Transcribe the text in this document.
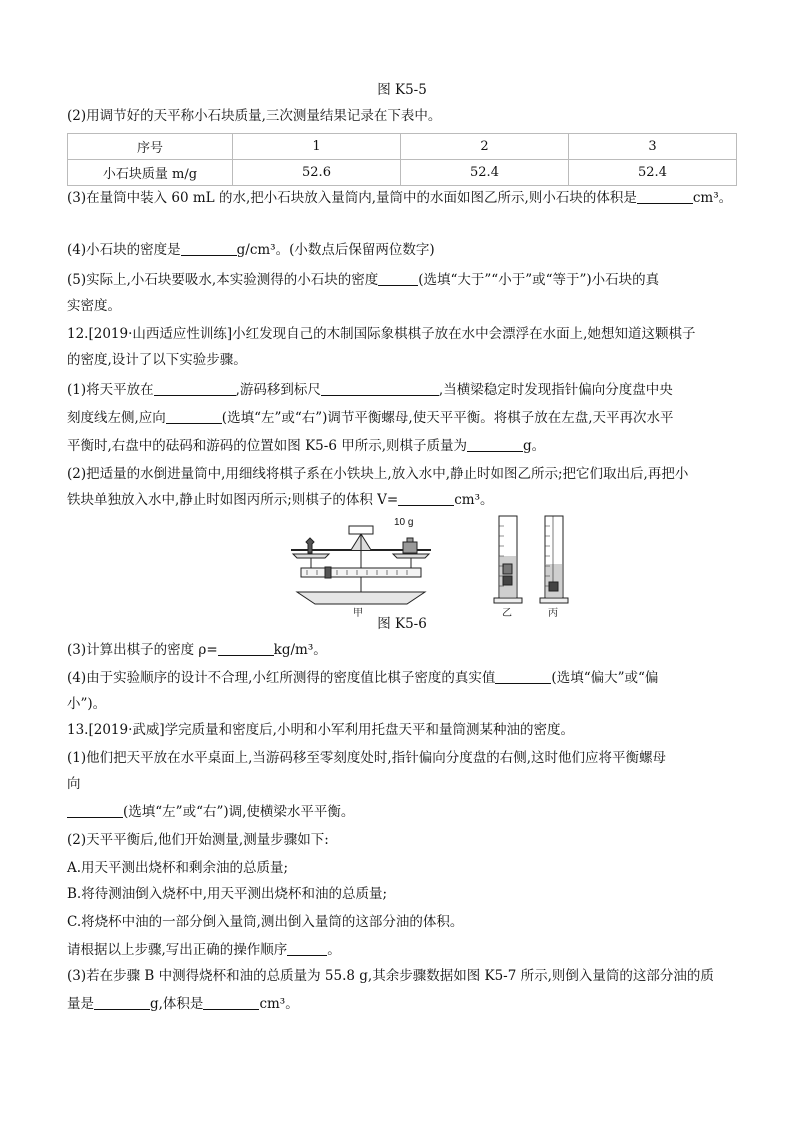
图 K5-5
(2)用调节好的天平称小石块质量,三次测量结果记录在下表中。
序号	1	2	3
小石块质量 m/g	52.6	52.4	52.4
(3)在量筒中装入 60 mL 的水,把小石块放入量筒内,量筒中的水面如图乙所示,则小石块的体积是	cm³。
(4)小石块的密度是	g/cm³。(小数点后保留两位数字)
(5)实际上,小石块要吸水,本实验测得的小石块的密度	(选填“大于”“小于”或“等于”)小石块的真
实密度。
12.[2019·山西适应性训练]小红发现自己的木制国际象棋棋子放在水中会漂浮在水面上,她想知道这颗棋子
的密度,设计了以下实验步骤。
(1)将天平放在	,游码移到标尺	,当横梁稳定时发现指针偏向分度盘中央
刻度线左侧,应向	(选填“左”或“右”)调节平衡螺母,使天平平衡。将棋子放在左盘,天平再次水平
平衡时,右盘中的砝码和游码的位置如图 K5-6 甲所示,则棋子质量为	g。
(2)把适量的水倒进量筒中,用细线将棋子系在小铁块上,放入水中,静止时如图乙所示;把它们取出后,再把小
铁块单独放入水中,静止时如图丙所示;则棋子的体积 V=	cm³。
10 g
甲	乙	丙
图 K5-6
(3)计算出棋子的密度 ρ=	kg/m³。
(4)由于实验顺序的设计不合理,小红所测得的密度值比棋子密度的真实值	(选填“偏大”或“偏
小”)。
13.[2019·武威]学完质量和密度后,小明和小军利用托盘天平和量筒测某种油的密度。
(1)他们把天平放在水平桌面上,当游码移至零刻度处时,指针偏向分度盘的右侧,这时他们应将平衡螺母
向
(选填“左”或“右”)调,使横梁水平平衡。
(2)天平平衡后,他们开始测量,测量步骤如下:
A.用天平测出烧杯和剩余油的总质量;
B.将待测油倒入烧杯中,用天平测出烧杯和油的总质量;
C.将烧杯中油的一部分倒入量筒,测出倒入量筒的这部分油的体积。
请根据以上步骤,写出正确的操作顺序	。
(3)若在步骤 B 中测得烧杯和油的总质量为 55.8 g,其余步骤数据如图 K5-7 所示,则倒入量筒的这部分油的质
量是	g,体积是	cm³。
